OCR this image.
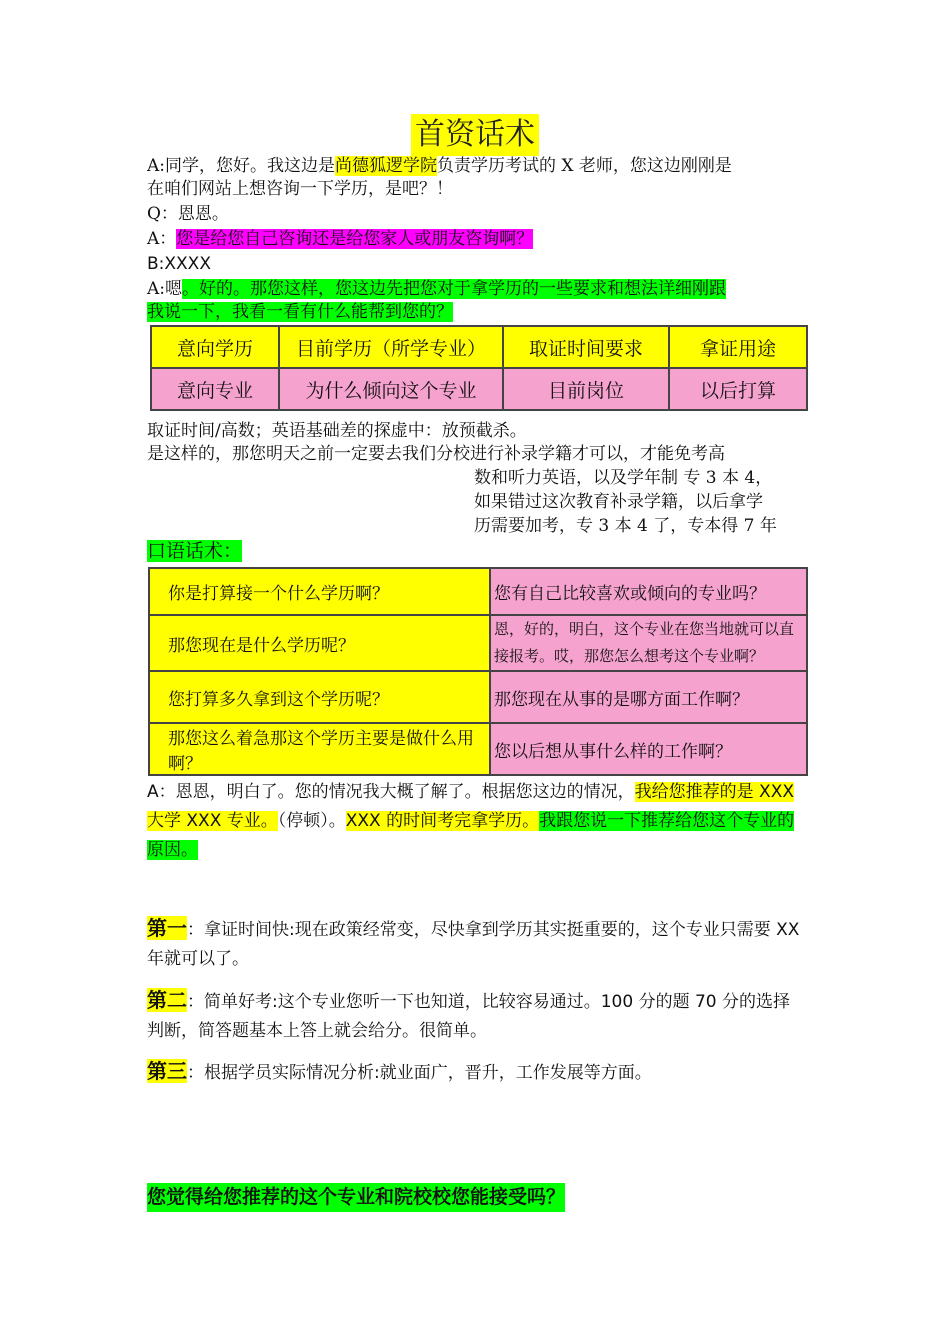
首资话术
A:同学，您好。我这边是尚德狐逻学院负责学历考试的 X 老师，您这边刚刚是
在咱们网站上想咨询一下学历，是吧？！
Q：恩恩。
A：您是给您自己咨询还是给您家人或朋友咨询啊？
B:XXXX
A:嗯。好的。那您这样，您这边先把您对于拿学历的一些要求和想法详细刚跟
我说一下，我看一看有什么能帮到您的？
意向学历	目前学历（所学专业）	取证时间要求	拿证用途
意向专业	为什么倾向这个专业	目前岗位	以后打算
取证时间/高数；英语基础差的探虚中：放预截杀。
是这样的，那您明天之前一定要去我们分校进行补录学籍才可以，才能免考高
数和听力英语，以及学年制 专 3 本 4，
如果错过这次教育补录学籍，以后拿学
历需要加考，专 3 本 4 了，专本得 7 年
口语话术：
你是打算接一个什么学历啊？	您有自己比较喜欢或倾向的专业吗？
那您现在是什么学历呢？	恩，好的，明白，这个专业在您当地就可以直接报考。哎，那您怎么想考这个专业啊？
您打算多久拿到这个学历呢？	那您现在从事的是哪方面工作啊？
那您这么着急那这个学历主要是做什么用啊？	您以后想从事什么样的工作啊？
A：恩恩，明白了。您的情况我大概了解了。根据您这边的情况，我给您推荐的是 XXX 大学 XXX 专业。（停顿）。XXX 的时间考完拿学历。我跟您说一下推荐给您这个专业的原因。
第一：拿证时间快:现在政策经常变，尽快拿到学历其实挺重要的，这个专业只需要 XX 年就可以了。
第二：简单好考:这个专业您听一下也知道，比较容易通过。100 分的题 70 分的选择判断，简答题基本上答上就会给分。很简单。
第三：根据学员实际情况分析:就业面广，晋升，工作发展等方面。
您觉得给您推荐的这个专业和院校校您能接受吗？
